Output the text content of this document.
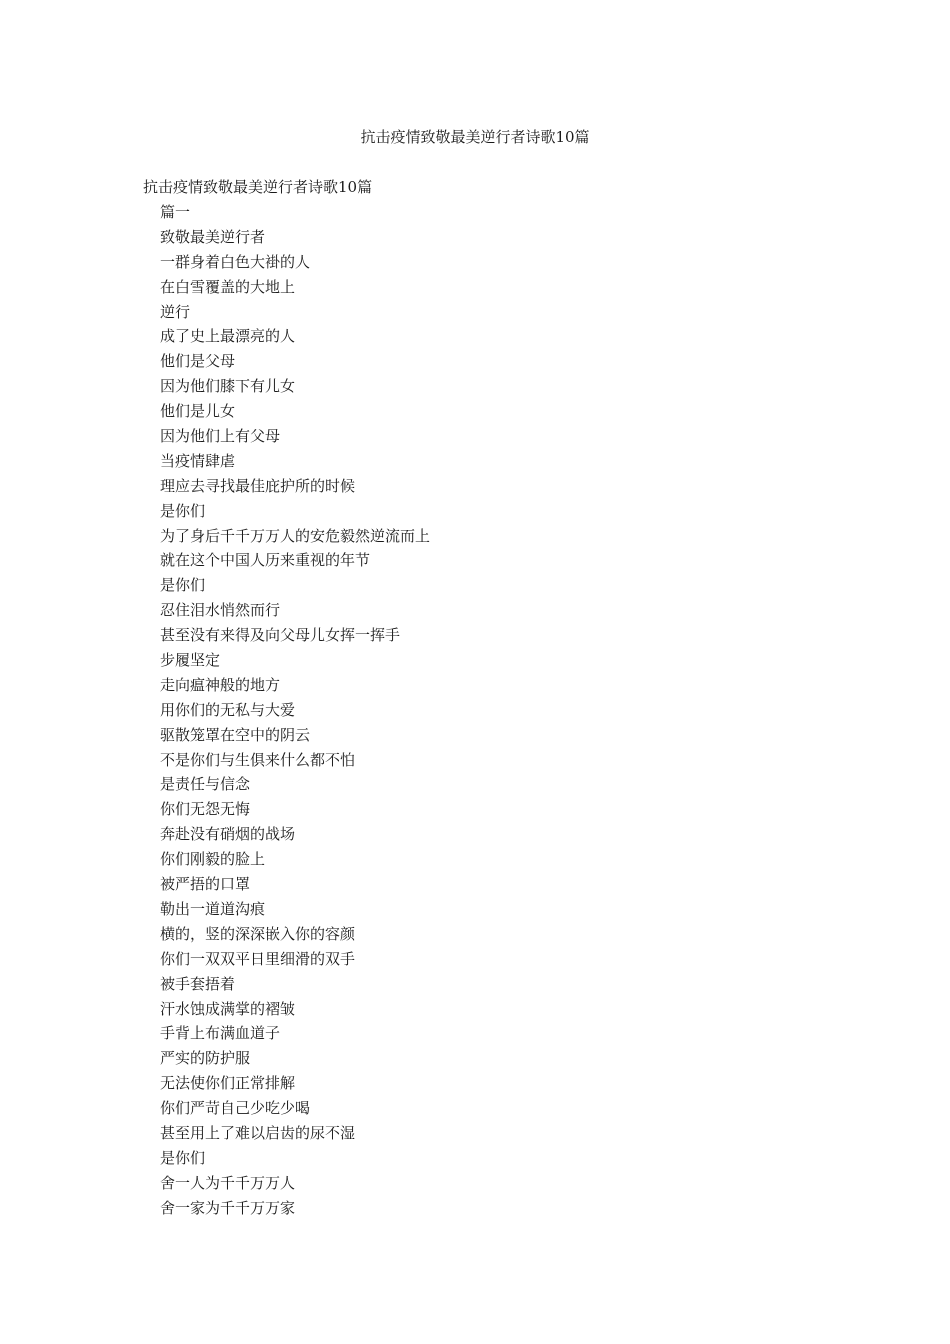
抗击疫情致敬最美逆行者诗歌10篇

抗击疫情致敬最美逆行者诗歌10篇

篇一
致敬最美逆行者
一群身着白色大褂的人
在白雪覆盖的大地上
逆行
成了史上最漂亮的人
他们是父母
因为他们膝下有儿女
他们是儿女
因为他们上有父母
当疫情肆虐
理应去寻找最佳庇护所的时候
是你们
为了身后千千万万人的安危毅然逆流而上
就在这个中国人历来重视的年节
是你们
忍住泪水悄然而行
甚至没有来得及向父母儿女挥一挥手
步履坚定
走向瘟神般的地方
用你们的无私与大爱
驱散笼罩在空中的阴云
不是你们与生俱来什么都不怕
是责任与信念
你们无怨无悔
奔赴没有硝烟的战场
你们刚毅的脸上
被严捂的口罩
勒出一道道沟痕
横的，竖的深深嵌入你的容颜
你们一双双平日里细滑的双手
被手套捂着
汗水蚀成满掌的褶皱
手背上布满血道子
严实的防护服
无法使你们正常排解
你们严苛自己少吃少喝
甚至用上了难以启齿的尿不湿
是你们
舍一人为千千万万人
舍一家为千千万万家
